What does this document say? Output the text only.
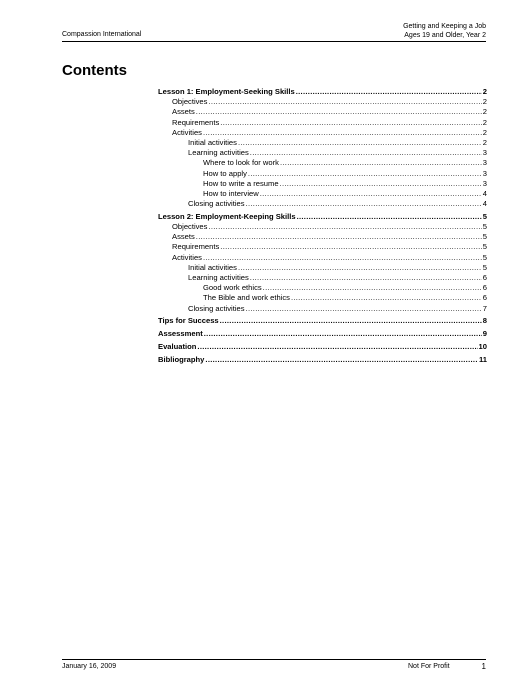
Compassion International
Getting and Keeping a Job
Ages 19 and Older, Year 2
Contents
Lesson 1: Employment-Seeking Skills .....	2
Objectives .....	2
Assets .....	2
Requirements .....	2
Activities .....	2
Initial activities .....	2
Learning activities .....	3
Where to look for work .....	3
How to apply .....	3
How to write a resume .....	3
How to interview .....	4
Closing activities .....	4
Lesson 2: Employment-Keeping Skills .....	5
Objectives .....	5
Assets .....	5
Requirements .....	5
Activities .....	5
Initial activities .....	5
Learning activities .....	6
Good work ethics .....	6
The Bible and work ethics .....	6
Closing activities .....	7
Tips for Success .....	8
Assessment .....	9
Evaluation .....	10
Bibliography .....	11
January 16, 2009	Not For Profit	1
